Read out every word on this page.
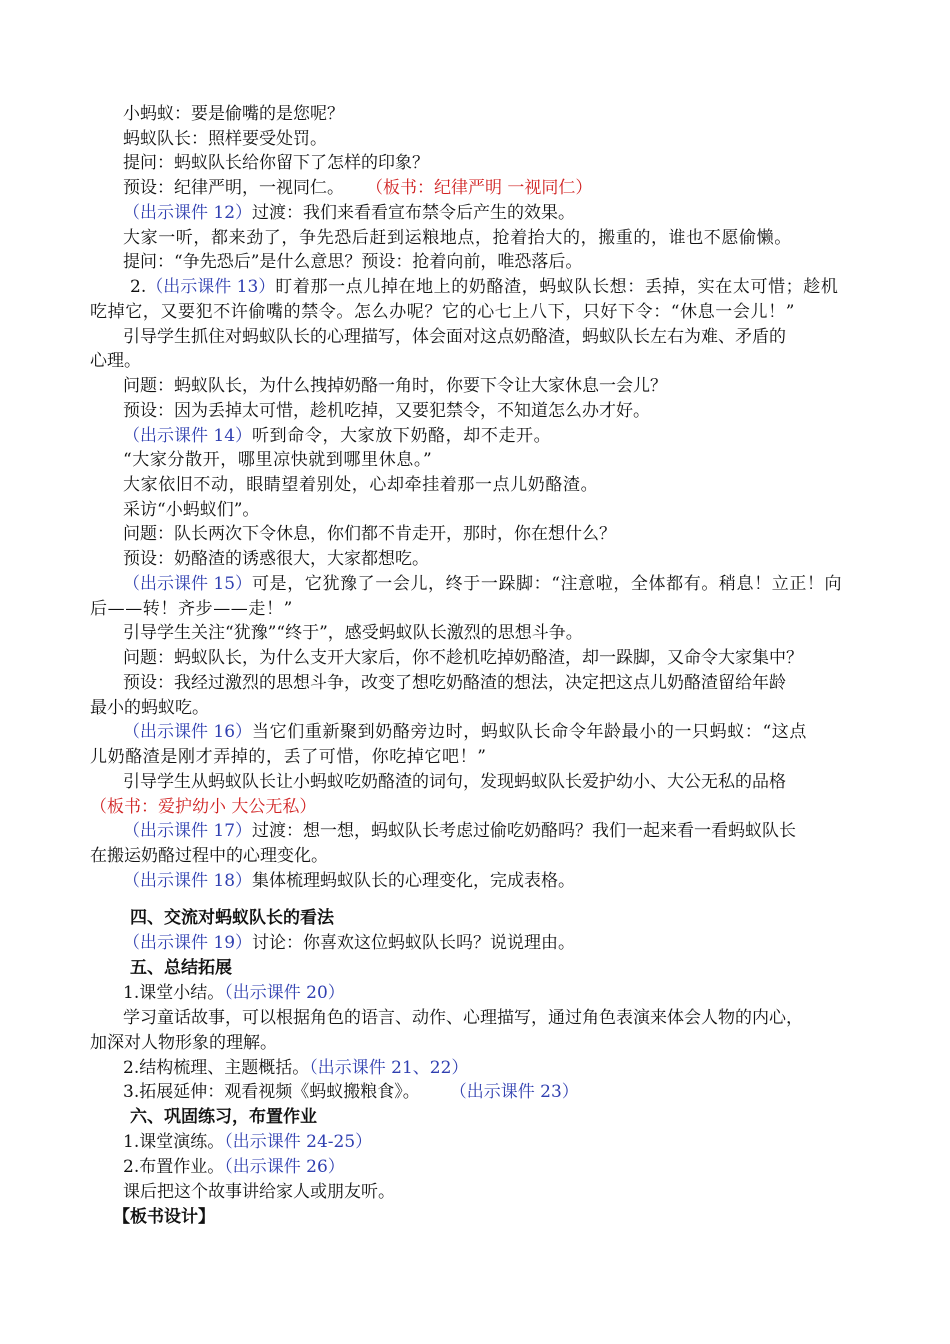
小蚂蚁：要是偷嘴的是您呢？
蚂蚁队长：照样要受处罚。
提问：蚂蚁队长给你留下了怎样的印象？
预设：纪律严明，一视同仁。 （板书：纪律严明 一视同仁）
（出示课件 12）过渡：我们来看看宣布禁令后产生的效果。
大家一听，都来劲了，争先恐后赶到运粮地点，抢着抬大的，搬重的，谁也不愿偷懒。
提问：“争先恐后”是什么意思？预设：抢着向前，唯恐落后。
2.（出示课件 13）盯着那一点儿掉在地上的奶酪渣，蚂蚁队长想：丢掉，实在太可惜；趁机
吃掉它，又要犯不许偷嘴的禁令。怎么办呢？它的心七上八下，只好下令：“休息一会儿！”
引导学生抓住对蚂蚁队长的心理描写，体会面对这点奶酪渣，蚂蚁队长左右为难、矛盾的
心理。
问题：蚂蚁队长，为什么拽掉奶酪一角时，你要下令让大家休息一会儿？
预设：因为丢掉太可惜，趁机吃掉，又要犯禁令，不知道怎么办才好。
（出示课件 14）听到命令，大家放下奶酪，却不走开。
“大家分散开，哪里凉快就到哪里休息。”
大家依旧不动，眼睛望着别处，心却牵挂着那一点儿奶酪渣。
采访“小蚂蚁们”。
问题：队长两次下令休息，你们都不肯走开，那时，你在想什么？
预设：奶酪渣的诱惑很大，大家都想吃。
（出示课件 15）可是，它犹豫了一会儿，终于一跺脚：“注意啦，全体都有。稍息！立正！向
后——转！齐步——走！”
引导学生关注“犹豫”“终于”，感受蚂蚁队长激烈的思想斗争。
问题：蚂蚁队长，为什么支开大家后，你不趁机吃掉奶酪渣，却一跺脚，又命令大家集中？
预设：我经过激烈的思想斗争，改变了想吃奶酪渣的想法，决定把这点儿奶酪渣留给年龄
最小的蚂蚁吃。
（出示课件 16）当它们重新聚到奶酪旁边时，蚂蚁队长命令年龄最小的一只蚂蚁：“这点
儿奶酪渣是刚才弄掉的，丢了可惜，你吃掉它吧！”
引导学生从蚂蚁队长让小蚂蚁吃奶酪渣的词句，发现蚂蚁队长爱护幼小、大公无私的品格
（板书：爱护幼小 大公无私）
（出示课件 17）过渡：想一想，蚂蚁队长考虑过偷吃奶酪吗？我们一起来看一看蚂蚁队长
在搬运奶酪过程中的心理变化。
（出示课件 18）集体梳理蚂蚁队长的心理变化，完成表格。
四、交流对蚂蚁队长的看法
（出示课件 19）讨论：你喜欢这位蚂蚁队长吗？说说理由。
五、总结拓展
1.课堂小结。（出示课件 20）
学习童话故事，可以根据角色的语言、动作、心理描写，通过角色表演来体会人物的内心，
加深对人物形象的理解。
2.结构梳理、主题概括。（出示课件 21、22）
3.拓展延伸：观看视频《蚂蚁搬粮食》。 （出示课件 23）
六、巩固练习，布置作业
1.课堂演练。（出示课件 24-25）
2.布置作业。（出示课件 26）
课后把这个故事讲给家人或朋友听。
【板书设计】
